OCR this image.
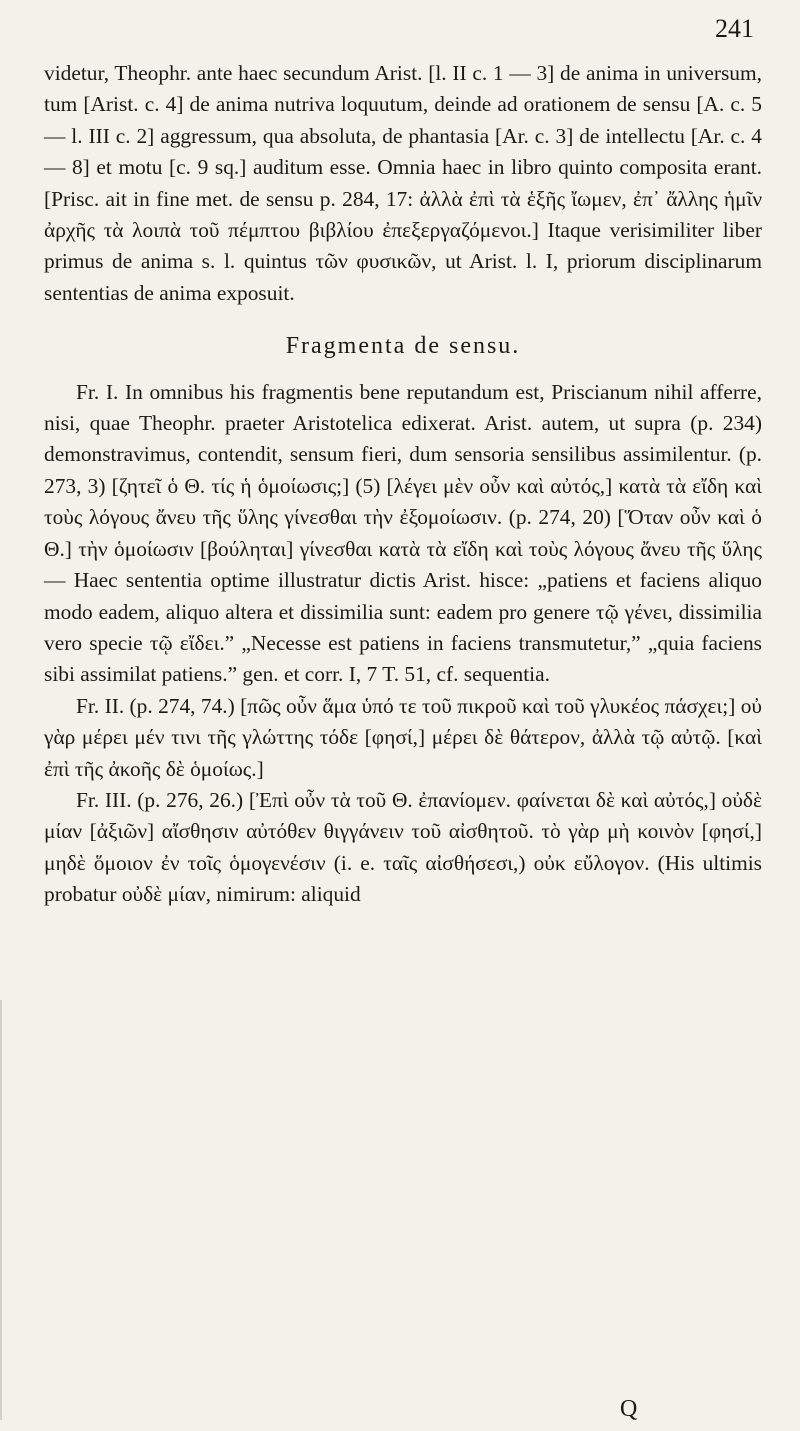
241

videtur, Theophr. ante haec secundum Arist. [l. II c. 1 — 3] de anima in universum, tum [Arist. c. 4] de anima nutriva loquutum, deinde ad orationem de sensu [A. c. 5 — l. III c. 2] aggressum, qua absoluta, de phantasia [Ar. c. 3] de intellectu [Ar. c. 4 — 8] et motu [c. 9 sq.] auditum esse. Omnia haec in libro quinto composita erant. [Prisc. ait in fine met. de sensu p. 284, 17: ἀλλὰ ἐπὶ τὰ ἑξῆς ἴωμεν, ἐπ᾽ ἄλλης ἡμῖν ἀρχῆς τὰ λοιπὰ τοῦ πέμπτου βιβλίου ἐπεξεργαζόμενοι.] Itaque verisimiliter liber primus de anima s. l. quintus τῶν φυσικῶν, ut Arist. l. I, priorum disciplinarum sententias de anima exposuit.

Fragmenta de sensu.

Fr. I. In omnibus his fragmentis bene reputandum est, Priscianum nihil afferre, nisi, quae Theophr. praeter Aristotelica edixerat. Arist. autem, ut supra (p. 234) demonstravimus, contendit, sensum fieri, dum sensoria sensilibus assimilentur. (p. 273, 3) [ζητεῖ ὁ Θ. τίς ἡ ὁμοίωσις;] (5) [λέγει μὲν οὖν καὶ αὐτός,] κατὰ τὰ εἴδη καὶ τοὺς λόγους ἄνευ τῆς ὕλης γίνεσθαι τὴν ἐξομοίωσιν. (p. 274, 20) [Ὅταν οὖν καὶ ὁ Θ.] τὴν ὁμοίωσιν [βούληται] γίνεσθαι κατὰ τὰ εἴδη καὶ τοὺς λόγους ἄνευ τῆς ὕλης — Haec sententia optime illustratur dictis Arist. hisce: „patiens et faciens aliquo modo eadem, aliquo altera et dissimilia sunt: eadem pro genere τῷ γένει, dissimilia vero specie τῷ εἴδει.” „Necesse est patiens in faciens transmutetur,” „quia faciens sibi assimilat patiens.” gen. et corr. I, 7 T. 51, cf. sequentia.

Fr. II. (p. 274, 74.) [πῶς οὖν ἅμα ὑπό τε τοῦ πικροῦ καὶ τοῦ γλυκέος πάσχει;] οὐ γὰρ μέρει μέν τινι τῆς γλώττης τόδε [φησί,] μέρει δὲ θάτερον, ἀλλὰ τῷ αὐτῷ. [καὶ ἐπὶ τῆς ἀκοῆς δὲ ὁμοίως.]

Fr. III. (p. 276, 26.) [Ἐπὶ οὖν τὰ τοῦ Θ. ἐπανίομεν. φαίνεται δὲ καὶ αὐτός,] οὐδὲ μίαν [ἀξιῶν] αἴσθησιν αὐτόθεν θιγγάνειν τοῦ αἰσθητοῦ. τὸ γὰρ μὴ κοινὸν [φησί,] μηδὲ ὅμοιον ἐν τοῖς ὁμογενέσιν (i. e. ταῖς αἰσθήσεσι,) οὐκ εὔλογον. (His ultimis probatur οὐδὲ μίαν, nimirum: aliquid

Q
